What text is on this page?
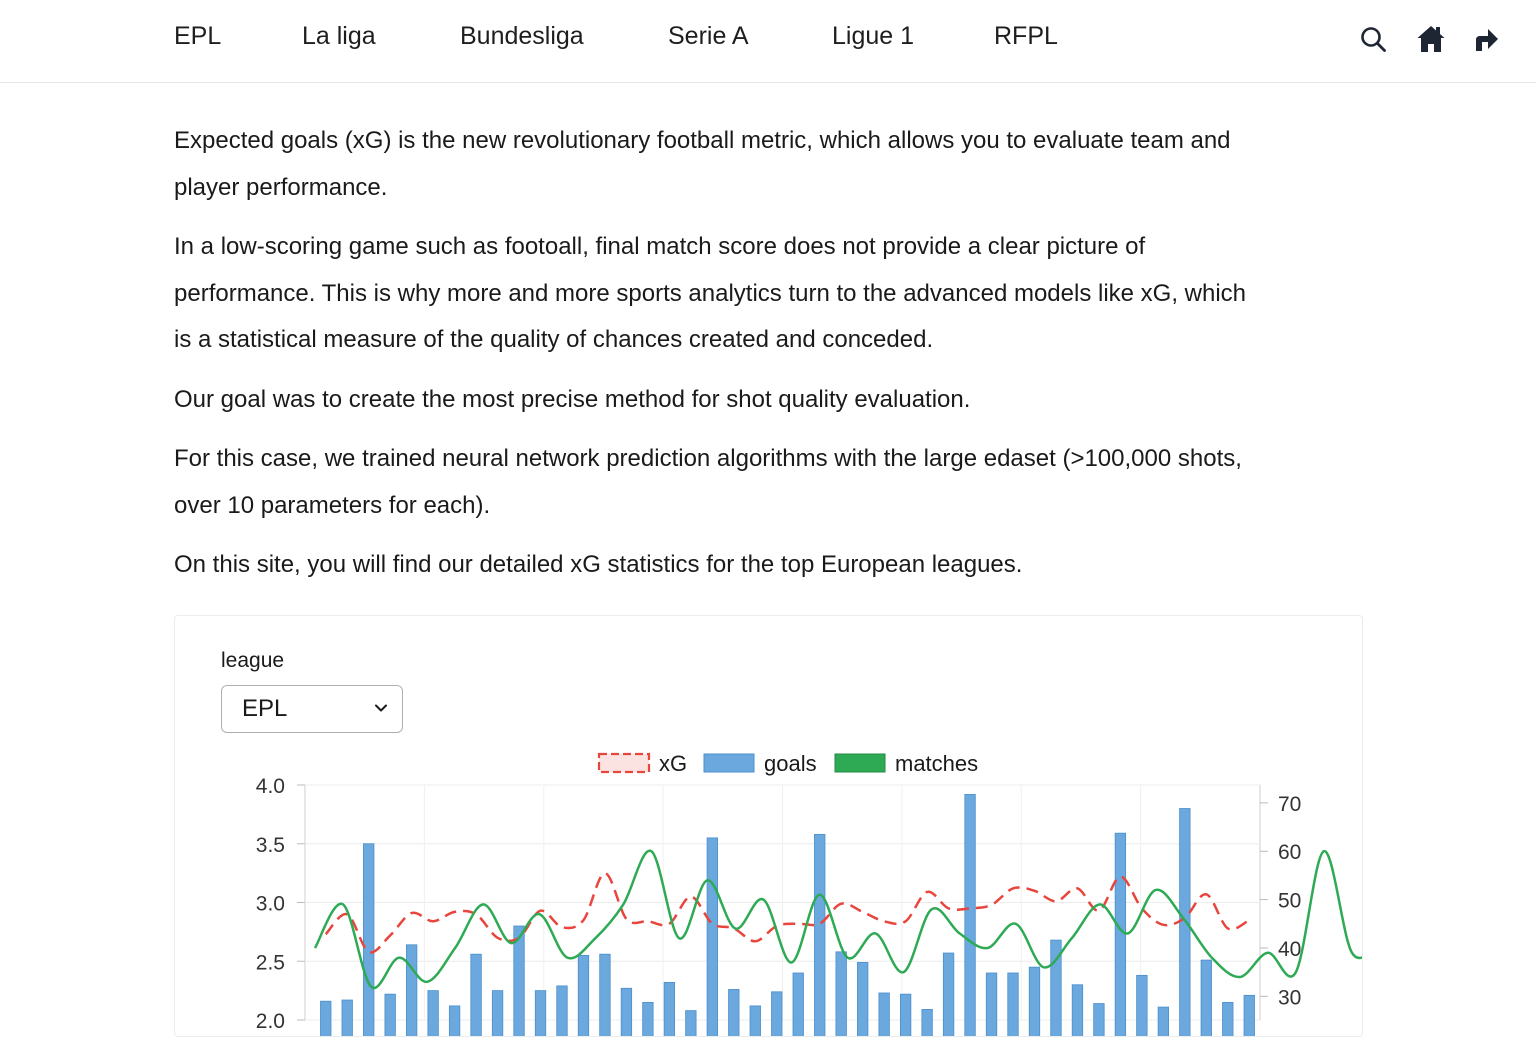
EPL	La liga	Bundesliga	Serie A	Ligue 1	RFPL

Expected goals (xG) is the new revolutionary football metric, which allows you to evaluate team and player performance.

In a low-scoring game such as footoall, final match score does not provide a clear picture of performance. This is why more and more sports analytics turn to the advanced models like xG, which is a statistical measure of the quality of chances created and conceded.

Our goal was to create the most precise method for shot quality evaluation.

For this case, we trained neural network prediction algorithms with the large edaset (>100,000 shots, over 10 parameters for each).

On this site, you will find our detailed xG statistics for the top European leagues.

league
EPL
4.0
3.5
3.0
2.5
2.0
70
60
50
40
30
xG	goals	matches
